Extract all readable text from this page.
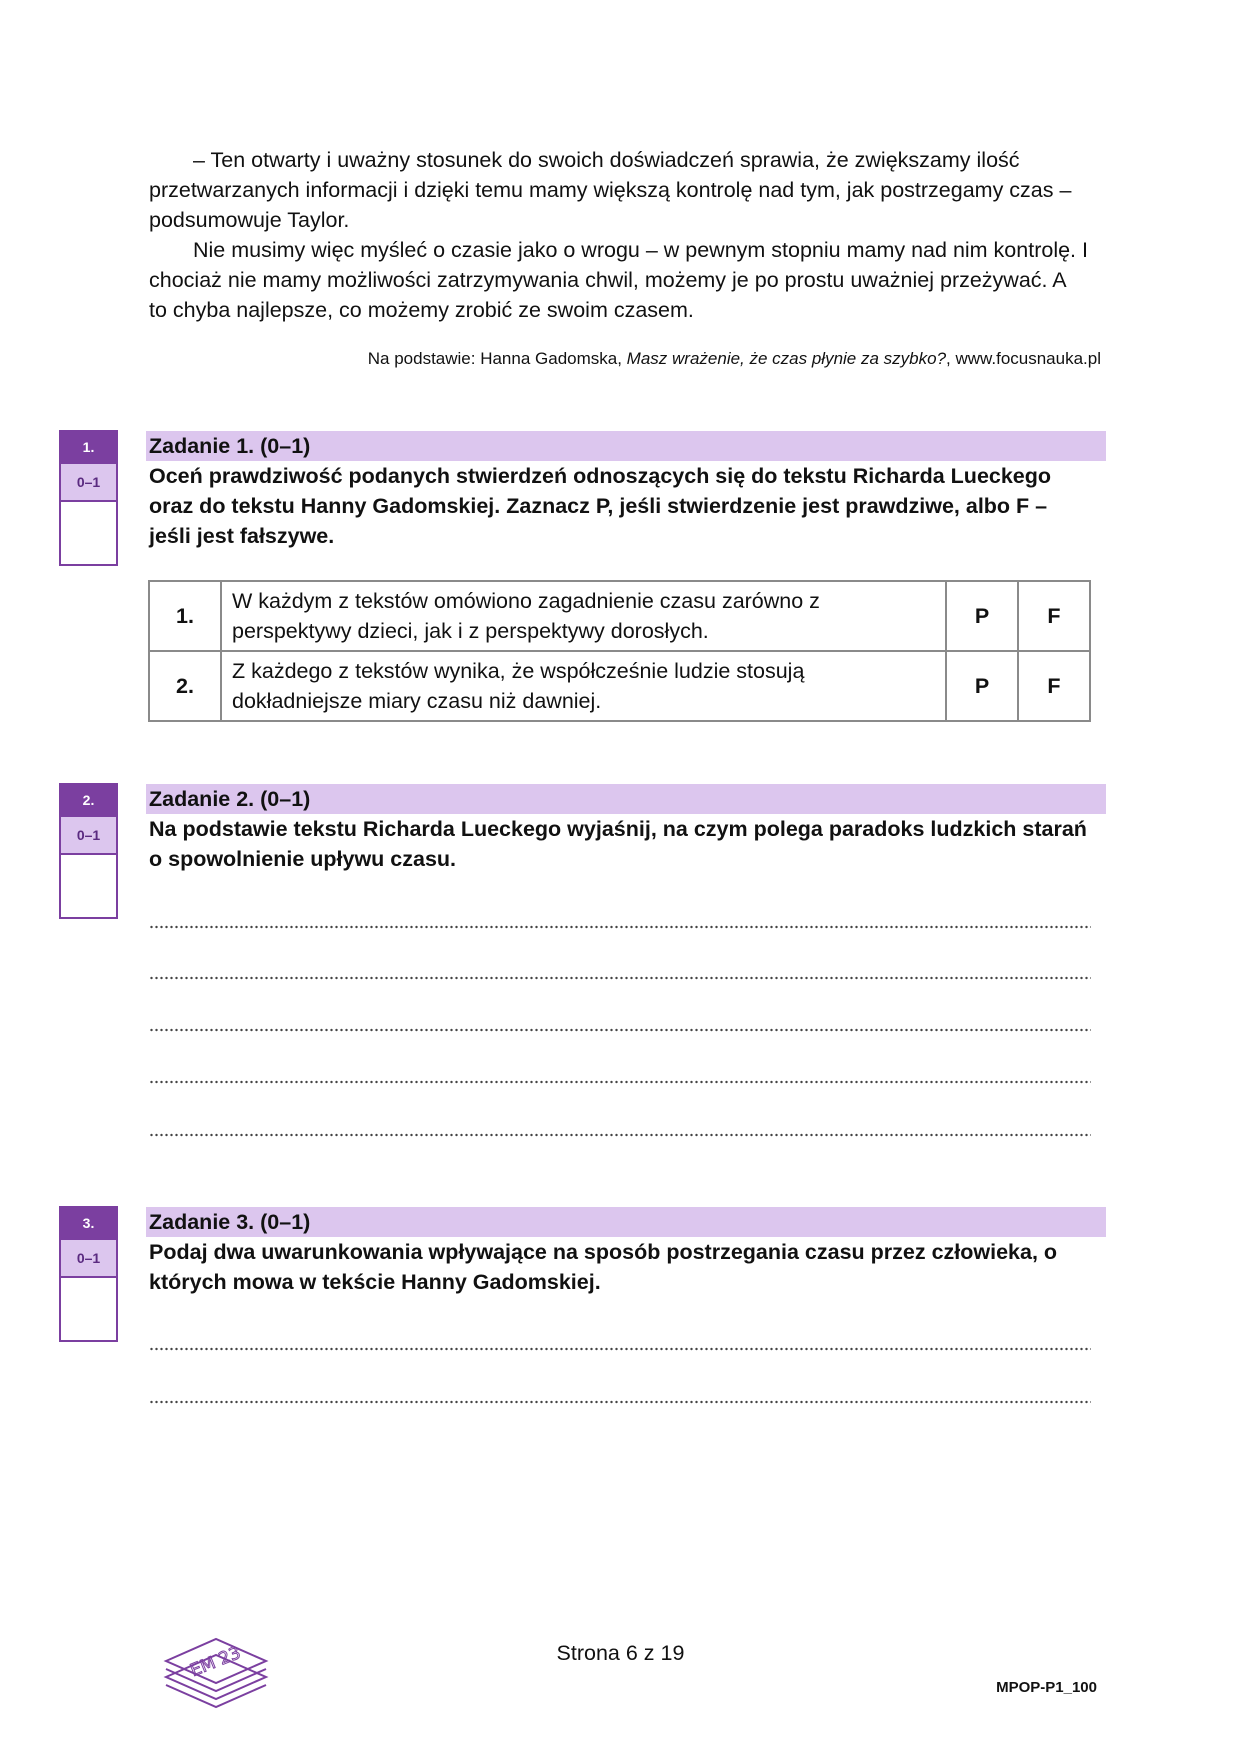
– Ten otwarty i uważny stosunek do swoich doświadczeń sprawia, że zwiększamy ilość przetwarzanych informacji i dzięki temu mamy większą kontrolę nad tym, jak postrzegamy czas – podsumowuje Taylor.

Nie musimy więc myśleć o czasie jako o wrogu – w pewnym stopniu mamy nad nim kontrolę. I chociaż nie mamy możliwości zatrzymywania chwil, możemy je po prostu uważniej przeżywać. A to chyba najlepsze, co możemy zrobić ze swoim czasem.

Na podstawie: Hanna Gadomska, Masz wrażenie, że czas płynie za szybko?, www.focusnauka.pl
1.
0–1
Zadanie 1. (0–1)
Oceń prawdziwość podanych stwierdzeń odnoszących się do tekstu Richarda Lueckego oraz do tekstu Hanny Gadomskiej. Zaznacz P, jeśli stwierdzenie jest prawdziwe, albo F – jeśli jest fałszywe.
1.	W każdym z tekstów omówiono zagadnienie czasu zarówno z perspektywy dzieci, jak i z perspektywy dorosłych.	P	F
2.	Z każdego z tekstów wynika, że współcześnie ludzie stosują dokładniejsze miary czasu niż dawniej.	P	F
2.
0–1
Zadanie 2. (0–1)
Na podstawie tekstu Richarda Lueckego wyjaśnij, na czym polega paradoks ludzkich starań o spowolnienie upływu czasu.
3.
0–1
Zadanie 3. (0–1)
Podaj dwa uwarunkowania wpływające na sposób postrzegania czasu przez człowieka, o których mowa w tekście Hanny Gadomskiej.
EM 23	Strona 6 z 19
MPOP-P1_100
